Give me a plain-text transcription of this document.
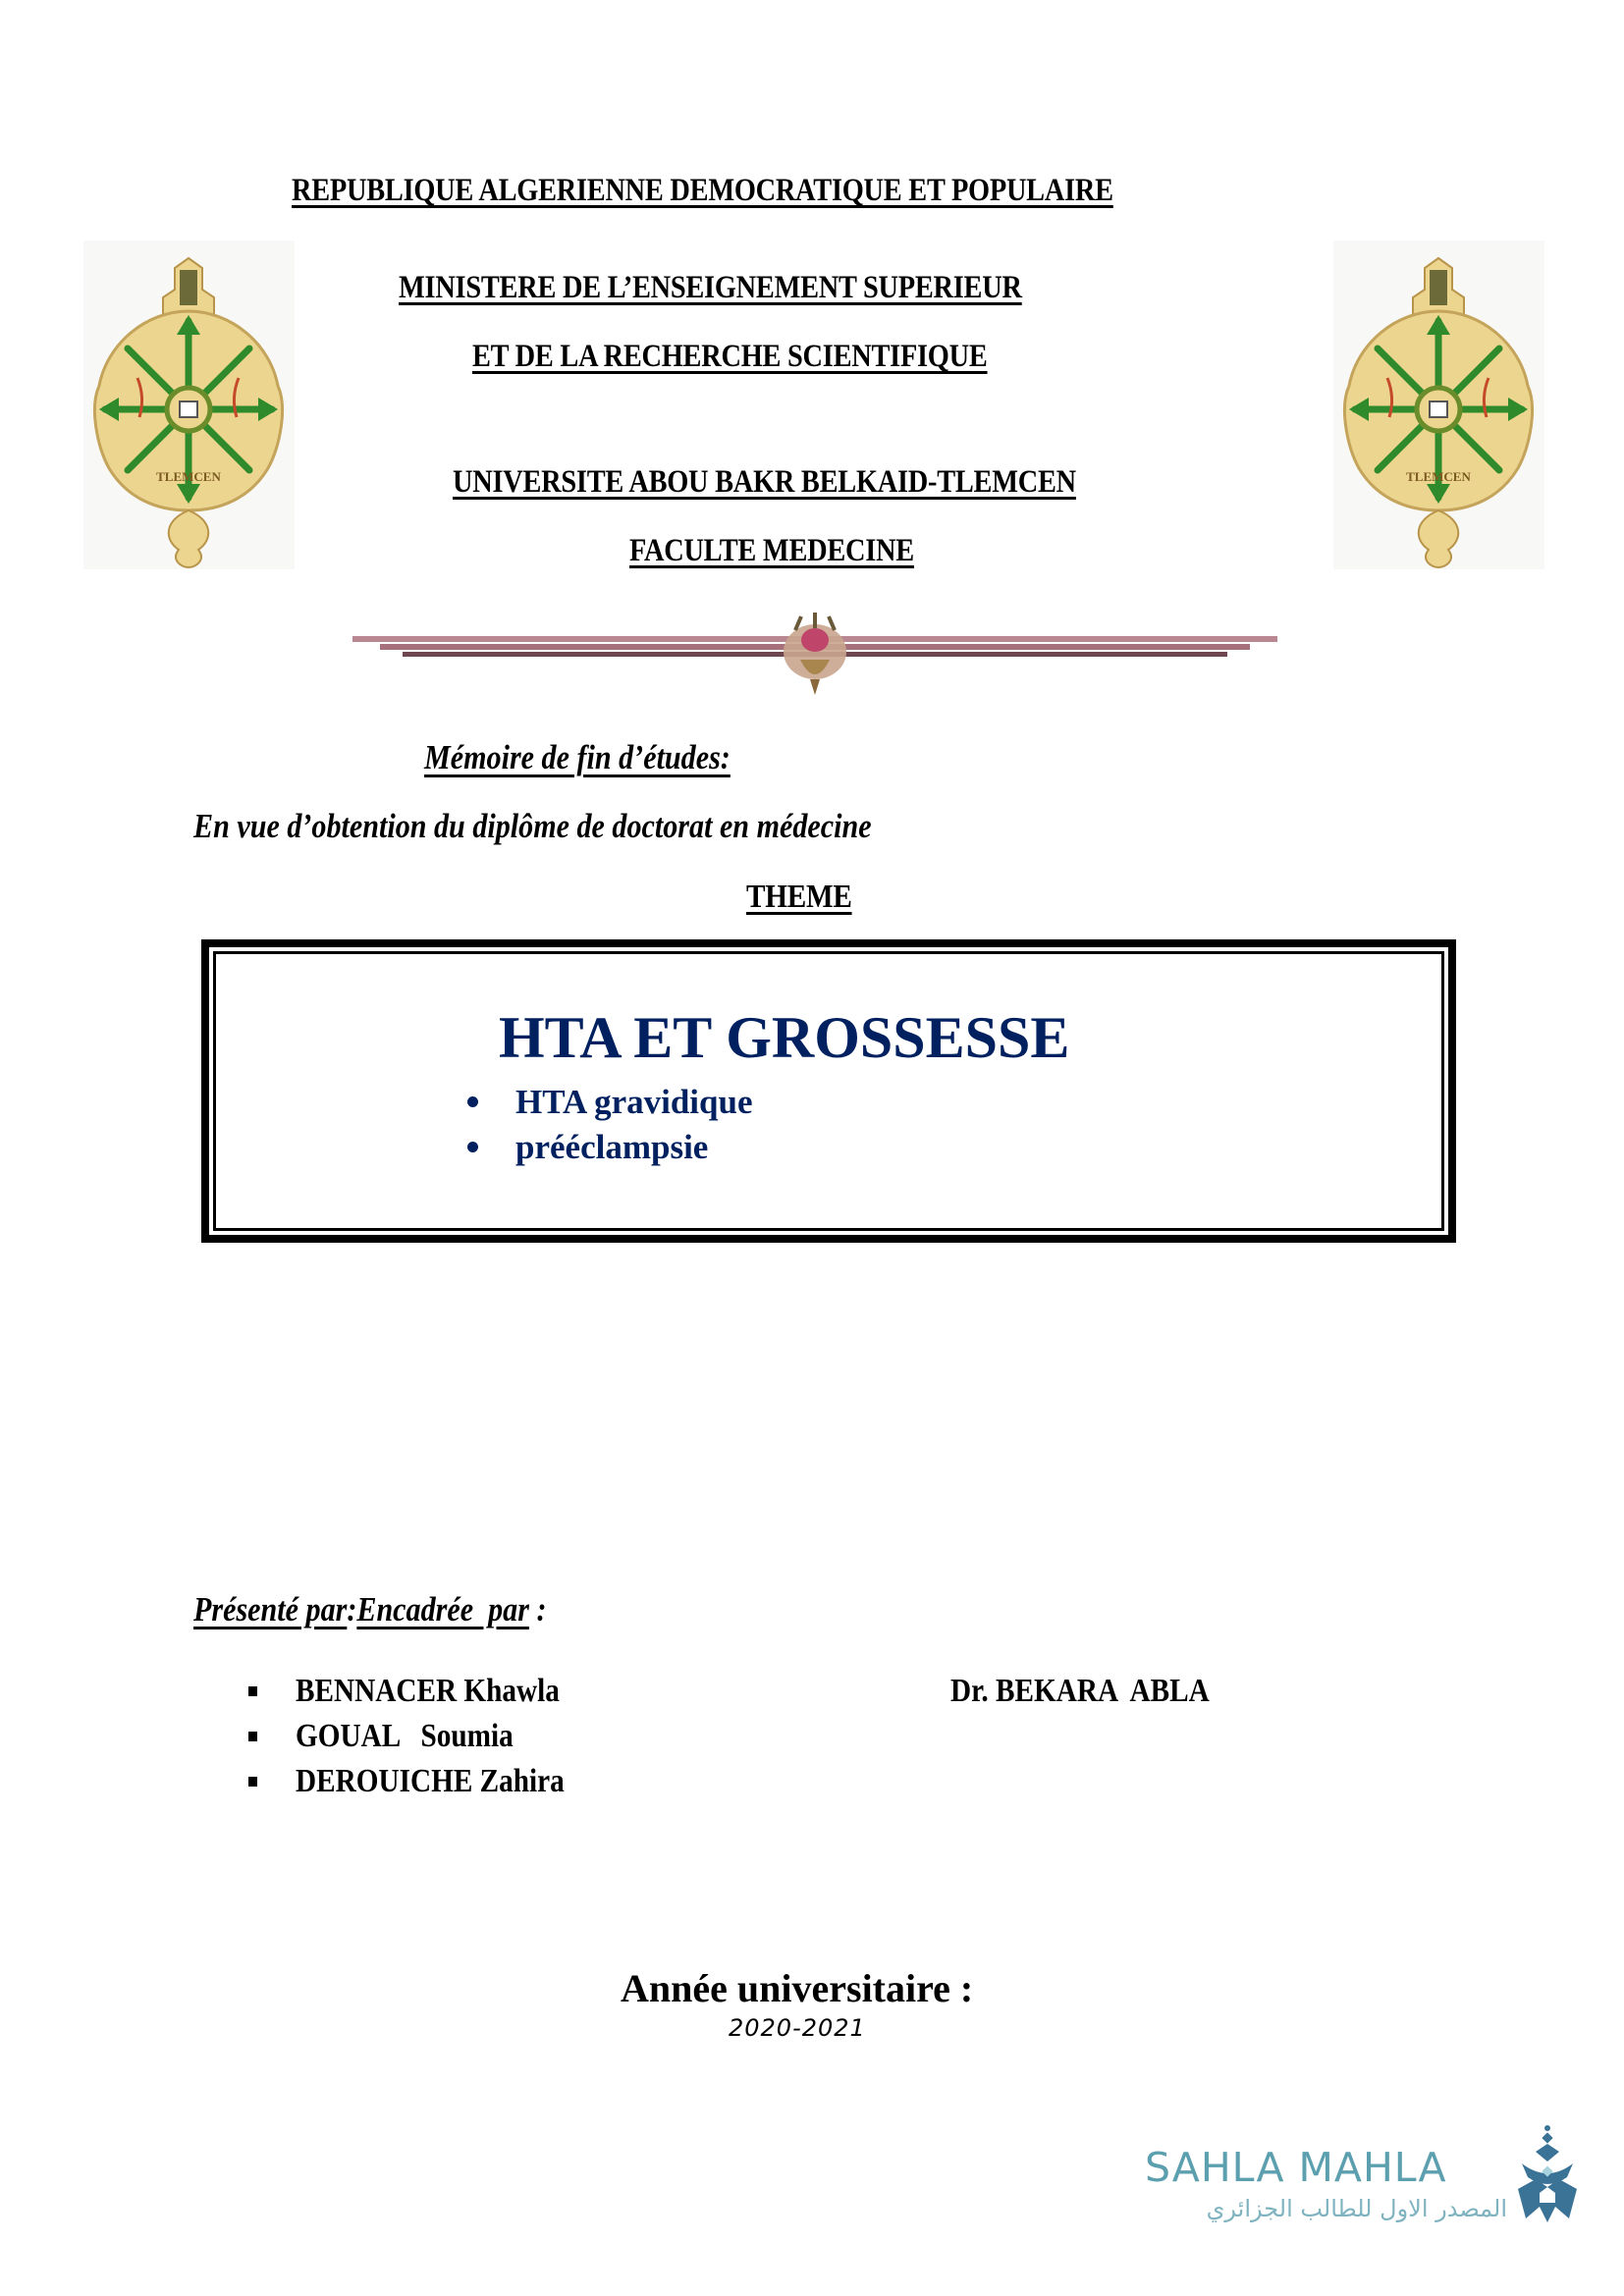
REPUBLIQUE ALGERIENNE DEMOCRATIQUE ET POPULAIRE
MINISTERE DE L’ENSEIGNEMENT SUPERIEUR
ET DE LA RECHERCHE SCIENTIFIQUE
UNIVERSITE ABOU BAKR BELKAID-TLEMCEN
FACULTE MEDECINE
TLEMCEN	TLEMCEN
Mémoire de fin d’études:
En vue d’obtention du diplôme de doctorat en médecine
THEME
HTA ET GROSSESSE
HTA gravidique
prééclampsie
Présenté par:Encadrée  par :
BENNACER Khawla
GOUAL   Soumia
DEROUICHE Zahira
Dr. BEKARA  ABLA
Année universitaire :
2020-2021
SAHLA MAHLA
المصدر الاول للطالب الجزائري
